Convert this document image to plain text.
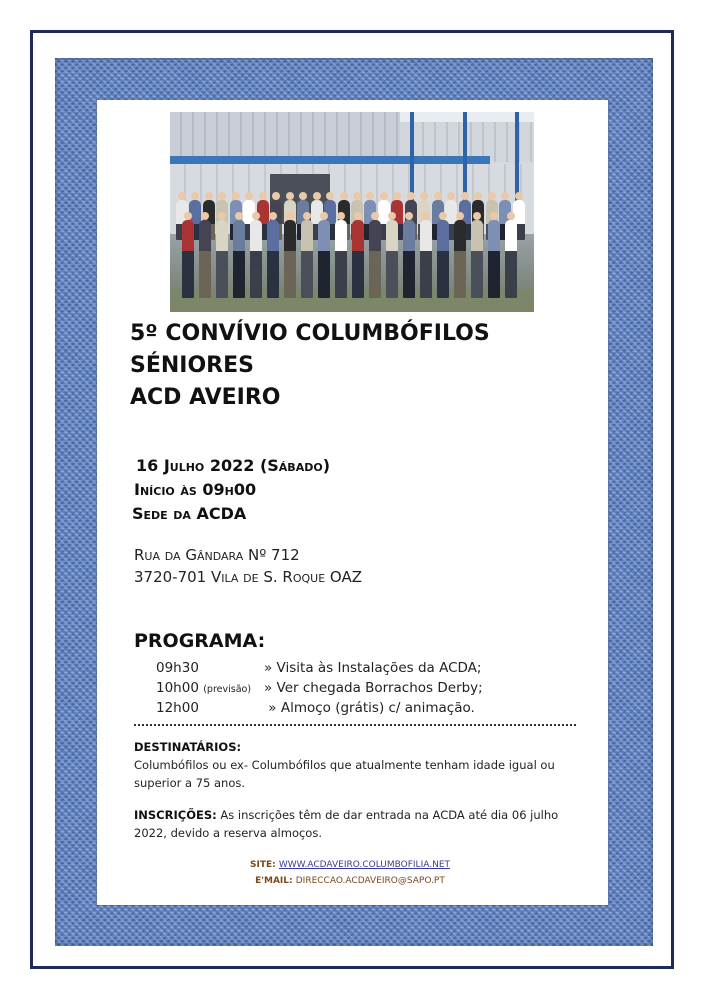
5º CONVÍVIO COLUMBÓFILOS
SÉNIORES
ACD AVEIRO
16 Julho 2022 (Sábado)
Início às 09h00
Sede da ACDA
Rua da Gândara Nº 712
3720-701 Vila de S. Roque OAZ
PROGRAMA:
09h30	» Visita às Instalações da ACDA;
10h00 (previsão) » Ver chegada Borrachos Derby;
12h00	» Almoço (grátis) c/ animação.
DESTINATÁRIOS:
Columbófilos ou ex- Columbófilos que atualmente tenham idade igual ou superior a 75 anos.
INSCRIÇÕES: As inscrições têm de dar entrada na ACDA até dia 06 julho 2022, devido a reserva almoços.
SITE: WWW.ACDAVEIRO.COLUMBOFILIA.NET
E'MAIL: DIRECCAO.ACDAVEIRO@SAPO.PT
